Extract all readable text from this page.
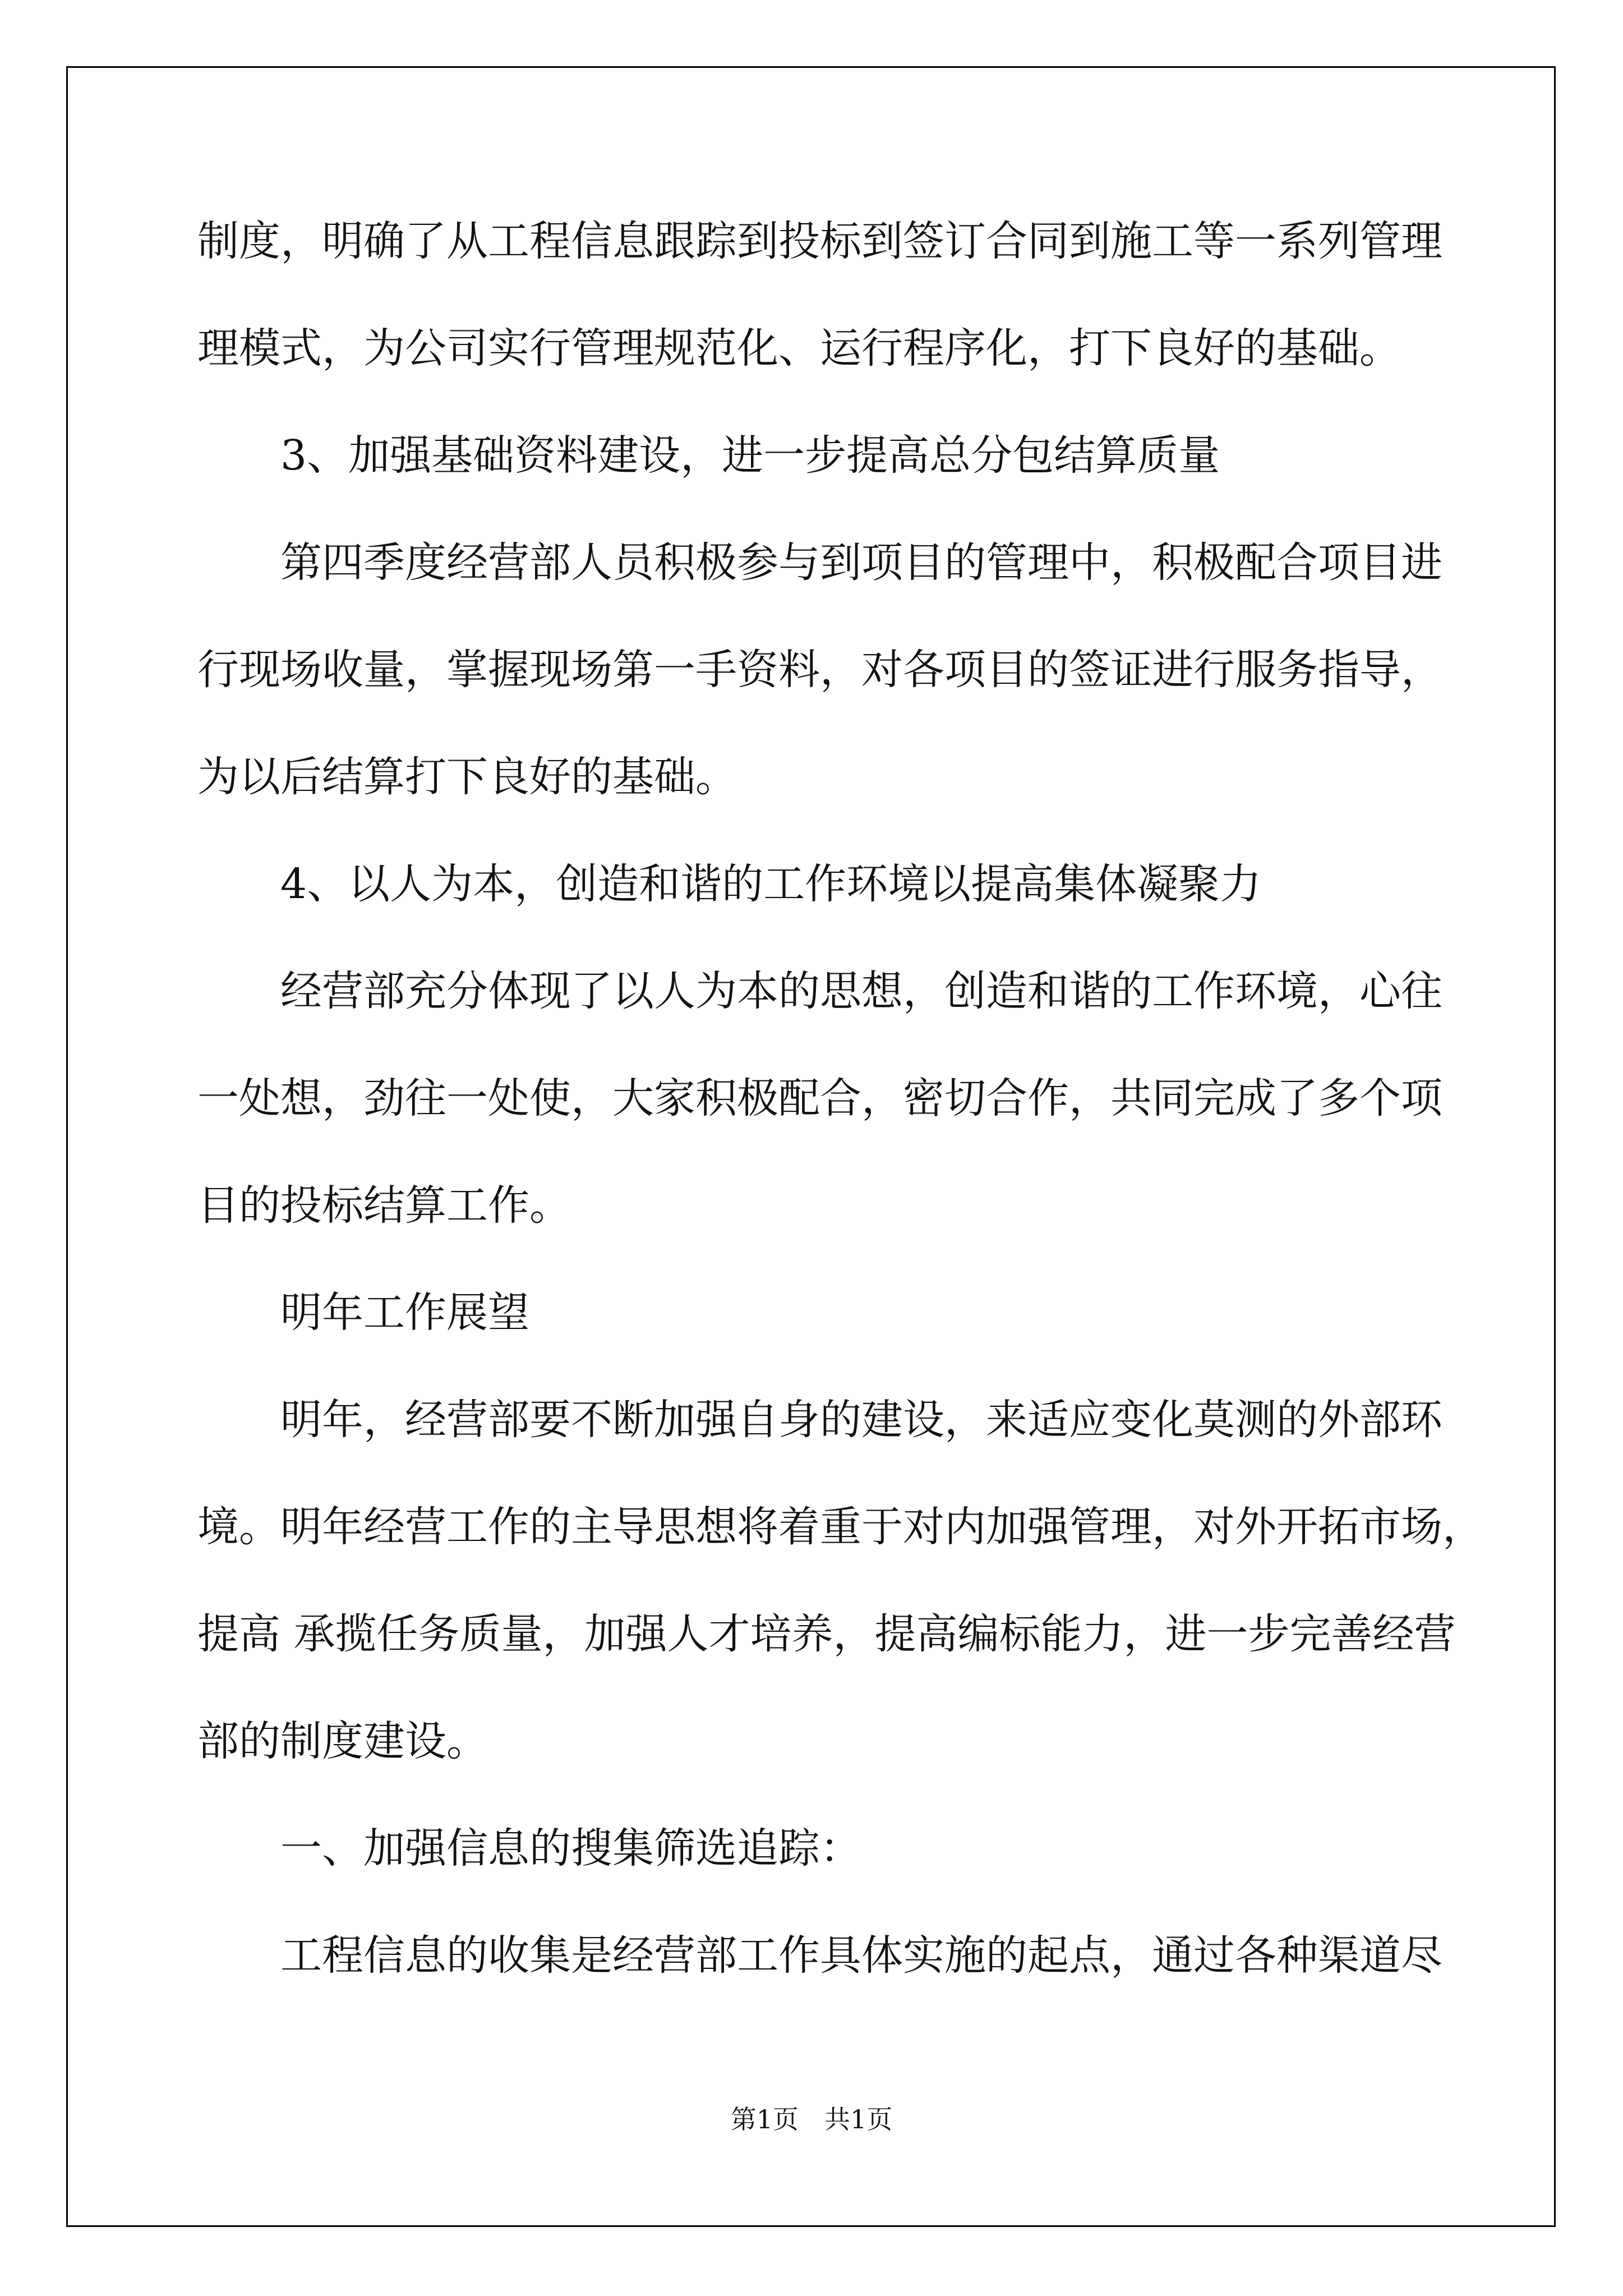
制度，明确了从工程信息跟踪到投标到签订合同到施工等一系列管理
理模式，为公司实行管理规范化、运行程序化，打下良好的基础。
3、加强基础资料建设，进一步提高总分包结算质量
第四季度经营部人员积极参与到项目的管理中，积极配合项目进
行现场收量，掌握现场第一手资料，对各项目的签证进行服务指导，
为以后结算打下良好的基础。
4、以人为本，创造和谐的工作环境以提高集体凝聚力
经营部充分体现了以人为本的思想，创造和谐的工作环境，心往
一处想，劲往一处使，大家积极配合，密切合作，共同完成了多个项
目的投标结算工作。
明年工作展望
明年，经营部要不断加强自身的建设，来适应变化莫测的外部环
境。明年经营工作的主导思想将着重于对内加强管理，对外开拓市场，
提高 承揽任务质量，加强人才培养，提高编标能力，进一步完善经营
部的制度建设。
一、加强信息的搜集筛选追踪：
工程信息的收集是经营部工作具体实施的起点，通过各种渠道尽
第1页 共1页
